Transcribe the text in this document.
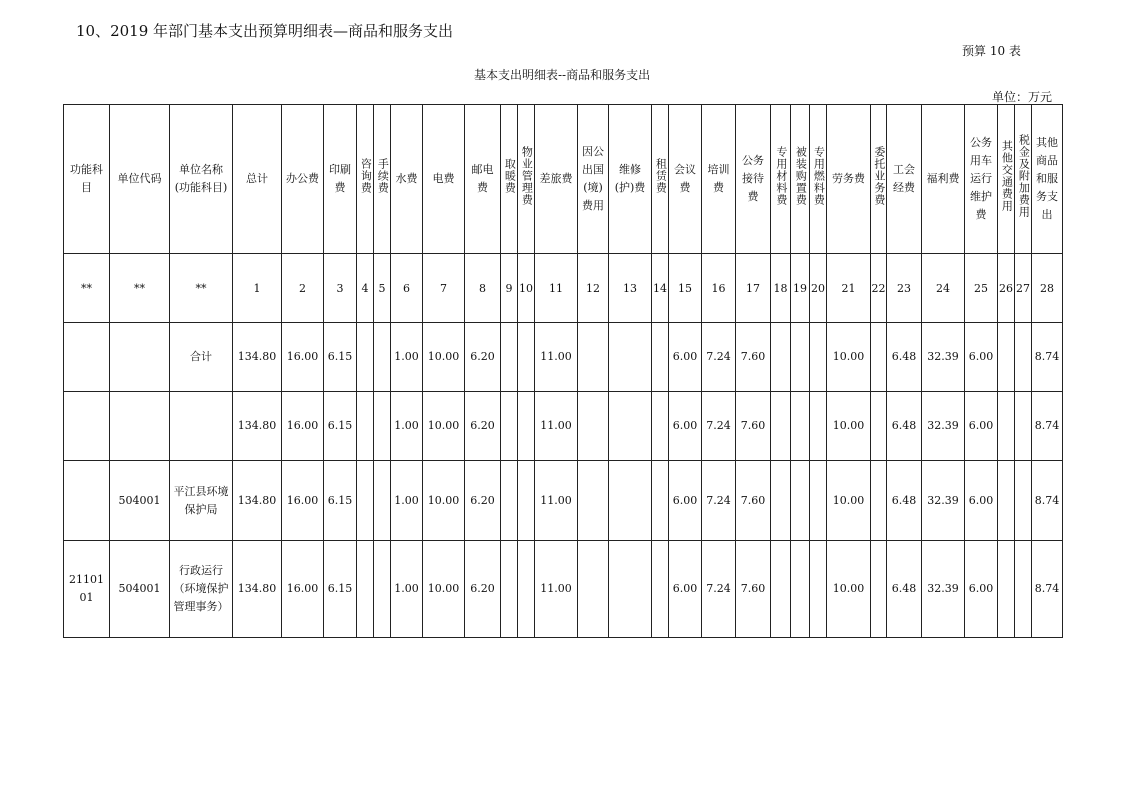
10、2019 年部门基本支出预算明细表—商品和服务支出
预算 10 表
基本支出明细表--商品和服务支出
单位：万元
功能科目	单位代码	单位名称(功能科目)	总计	办公费	印刷费	咨询费	手续费	水费	电费	邮电费	取暖费	物业管理费	差旅费	因公出国(境)费用	维修(护)费	租赁费	会议费	培训费	公务接待费	专用材料费	被装购置费	专用燃料费	劳务费	委托业务费	工会经费	福利费	公务用车运行维护费	其他交通费用	税金及附加费用	其他商品和服务支出
**	**	**	1	2	3	4	5	6	7	8	9	10	11	12	13	14	15	16	17	18	19	20	21	22	23	24	25	26	27	28
		合计	134.80	16.00	6.15			1.00	10.00	6.20			11.00				6.00	7.24	7.60				10.00		6.48	32.39	6.00			8.74
			134.80	16.00	6.15			1.00	10.00	6.20			11.00				6.00	7.24	7.60				10.00		6.48	32.39	6.00			8.74
	504001	平江县环境保护局	134.80	16.00	6.15			1.00	10.00	6.20			11.00				6.00	7.24	7.60				10.00		6.48	32.39	6.00			8.74
2110101	504001	行政运行（环境保护管理事务）	134.80	16.00	6.15			1.00	10.00	6.20			11.00				6.00	7.24	7.60				10.00		6.48	32.39	6.00			8.74
